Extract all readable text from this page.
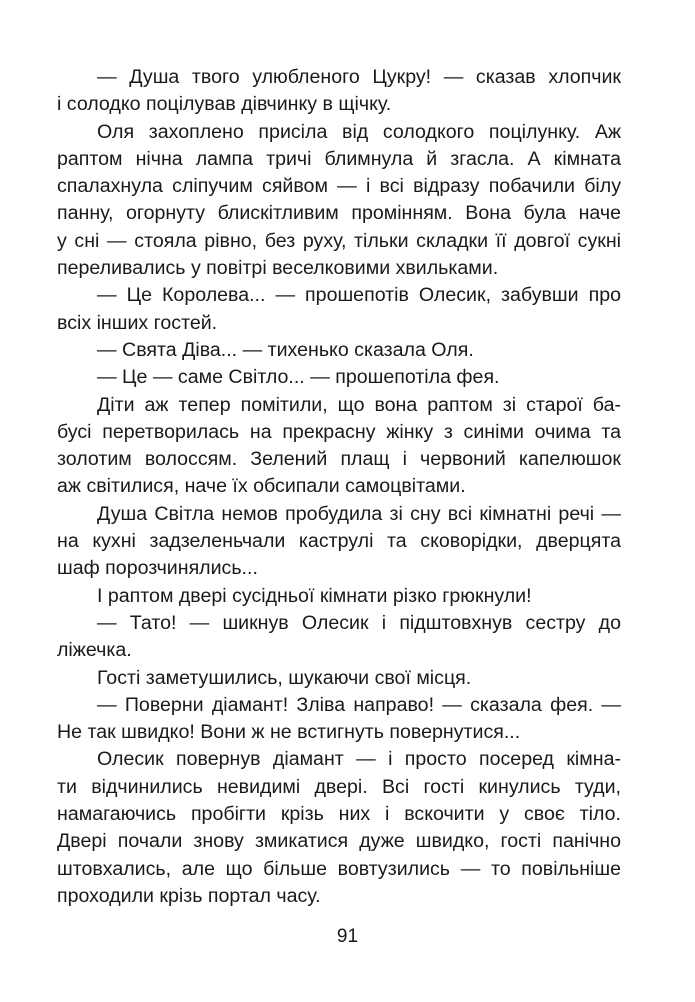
— Душа твого улюбленого Цукру! — сказав хлопчик
і солодко поцілував дівчинку в щічку.
Оля захоплено присіла від солодкого поцілунку. Аж
раптом нічна лампа тричі блимнула й згасла. А кімната
спалахнула сліпучим сяйвом — і всі відразу побачили білу
панну, огорнуту блискітливим промінням. Вона була наче
у сні — стояла рівно, без руху, тільки складки її довгої сукні
переливались у повітрі веселковими хвильками.
— Це Королева... — прошепотів Олесик, забувши про
всіх інших гостей.
— Свята Діва... — тихенько сказала Оля.
— Це — саме Світло... — прошепотіла фея.
Діти аж тепер помітили, що вона раптом зі старої ба-
бусі перетворилась на прекрасну жінку з синіми очима та
золотим волоссям. Зелений плащ і червоний капелюшок
аж світилися, наче їх обсипали самоцвітами.
Душа Світла немов пробудила зі сну всі кімнатні речі —
на кухні задзеленьчали каструлі та сковорідки, дверцята
шаф порозчинялись...
І раптом двері сусідньої кімнати різко грюкнули!
— Тато! — шикнув Олесик і підштовхнув сестру до
ліжечка.
Гості заметушились, шукаючи свої місця.
— Поверни діамант! Зліва направо! — сказала фея. —
Не так швидко! Вони ж не встигнуть повернутися...
Олесик повернув діамант — і просто посеред кімна-
ти відчинились невидимі двері. Всі гості кинулись туди,
намагаючись пробігти крізь них і вскочити у своє тіло.
Двері почали знову змикатися дуже швидко, гості панічно
штовхались, але що більше вовтузились — то повільніше
проходили крізь портал часу.
91
